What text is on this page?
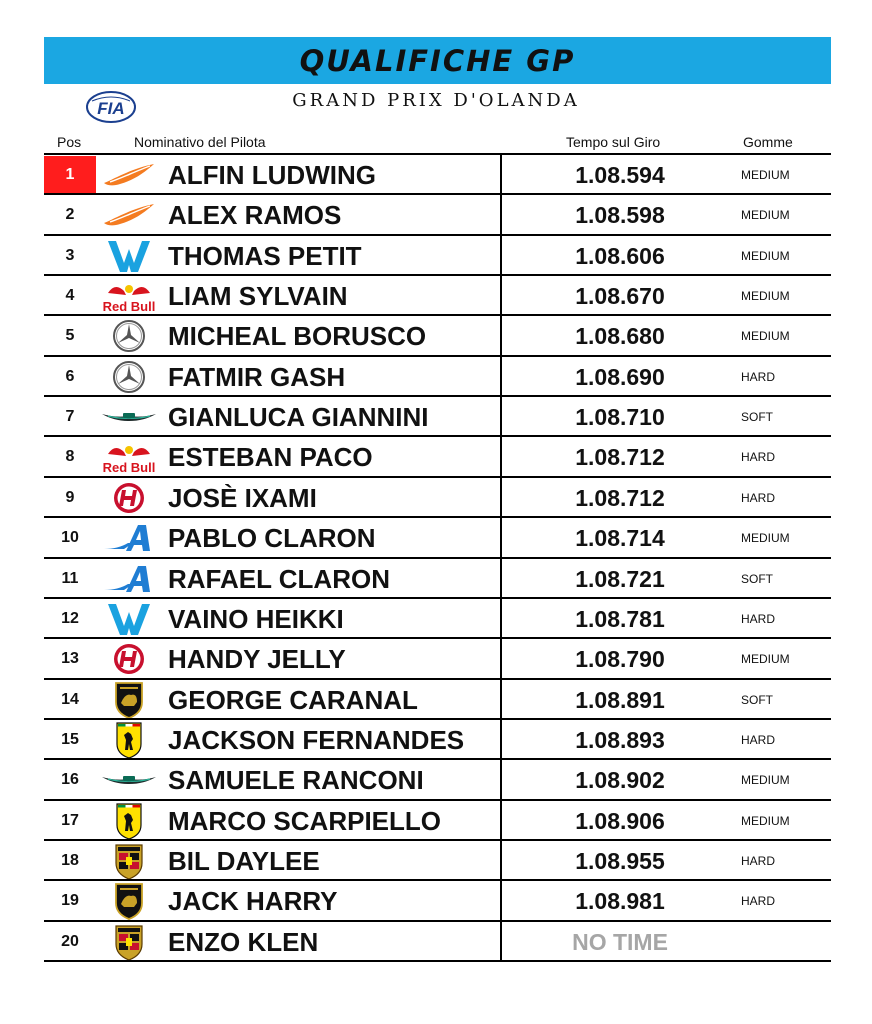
QUALIFICHE GP
FIA	GRAND PRIX D'OLANDA
Pos	Nominativo del Pilota	Tempo sul Giro	Gomme
1	ALFIN LUDWING	1.08.594	MEDIUM
2	ALEX RAMOS	1.08.598	MEDIUM
3	THOMAS PETIT	1.08.606	MEDIUM
4	LIAM SYLVAIN	1.08.670	MEDIUM
5	MICHEAL BORUSCO	1.08.680	MEDIUM
6	FATMIR GASH	1.08.690	HARD
7	GIANLUCA GIANNINI	1.08.710	SOFT
8	ESTEBAN PACO	1.08.712	HARD
9	JOSÈ IXAMI	1.08.712	HARD
10	PABLO CLARON	1.08.714	MEDIUM
11	RAFAEL CLARON	1.08.721	SOFT
12	VAINO HEIKKI	1.08.781	HARD
13	HANDY JELLY	1.08.790	MEDIUM
14	GEORGE CARANAL	1.08.891	SOFT
15	JACKSON FERNANDES	1.08.893	HARD
16	SAMUELE RANCONI	1.08.902	MEDIUM
17	MARCO SCARPIELLO	1.08.906	MEDIUM
18	BIL DAYLEE	1.08.955	HARD
19	JACK HARRY	1.08.981	HARD
20	ENZO KLEN	NO TIME
